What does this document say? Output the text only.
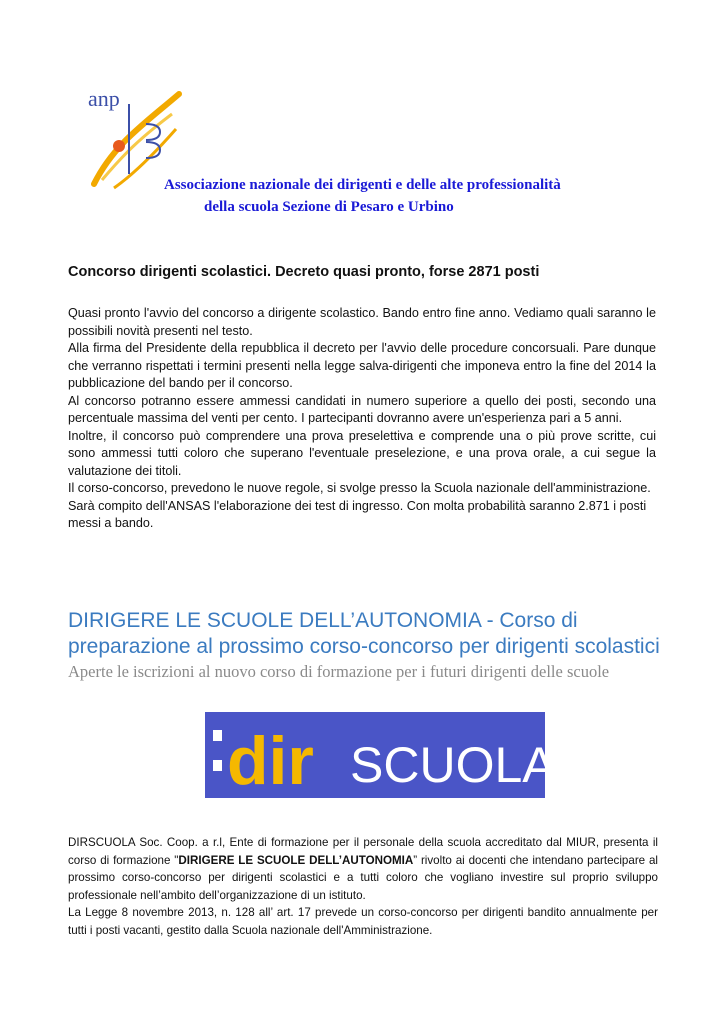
anp
Associazione nazionale dei dirigenti e delle alte professionalità
della scuola Sezione di Pesaro e Urbino
Concorso dirigenti scolastici. Decreto quasi pronto, forse 2871 posti

Quasi pronto l'avvio del concorso a dirigente scolastico. Bando entro fine anno. Vediamo quali saranno le possibili novità presenti nel testo.

Alla firma del Presidente della repubblica il decreto per l'avvio delle procedure concorsuali. Pare dunque che verranno rispettati i termini presenti nella legge salva-dirigenti che imponeva entro la fine del 2014 la pubblicazione del bando per il concorso.

Al concorso potranno essere ammessi candidati in numero superiore a quello dei posti, secondo una percentuale massima del venti per cento. I partecipanti dovranno avere un'esperienza pari a 5 anni.

Inoltre, il concorso può comprendere una prova preselettiva e comprende una o più prove scritte, cui sono ammessi tutti coloro che superano l'eventuale preselezione, e una prova orale, a cui segue la valutazione dei titoli.

Il corso-concorso, prevedono le nuove regole, si svolge presso la Scuola nazionale dell'amministrazione.

Sarà compito dell'ANSAS l'elaborazione dei test di ingresso. Con molta probabilità saranno 2.871 i posti messi a bando.

DIRIGERE LE SCUOLE DELL’AUTONOMIA - Corso di preparazione al prossimo corso-concorso per dirigenti scolastici
Aperte le iscrizioni al nuovo corso di formazione per i futuri dirigenti delle scuole
dir SCUOLA

DIRSCUOLA Soc. Coop. a r.l, Ente di formazione per il personale della scuola accreditato dal MIUR, presenta il corso di formazione "DIRIGERE LE SCUOLE DELL’AUTONOMIA” rivolto ai docenti che intendano partecipare al prossimo corso-concorso per dirigenti scolastici e a tutti coloro che vogliano investire sul proprio sviluppo professionale nell’ambito dell’organizzazione di un istituto.

La Legge 8 novembre 2013, n. 128 all’ art. 17 prevede un corso-concorso per dirigenti bandito annualmente per tutti i posti vacanti, gestito dalla Scuola nazionale dell'Amministrazione.
